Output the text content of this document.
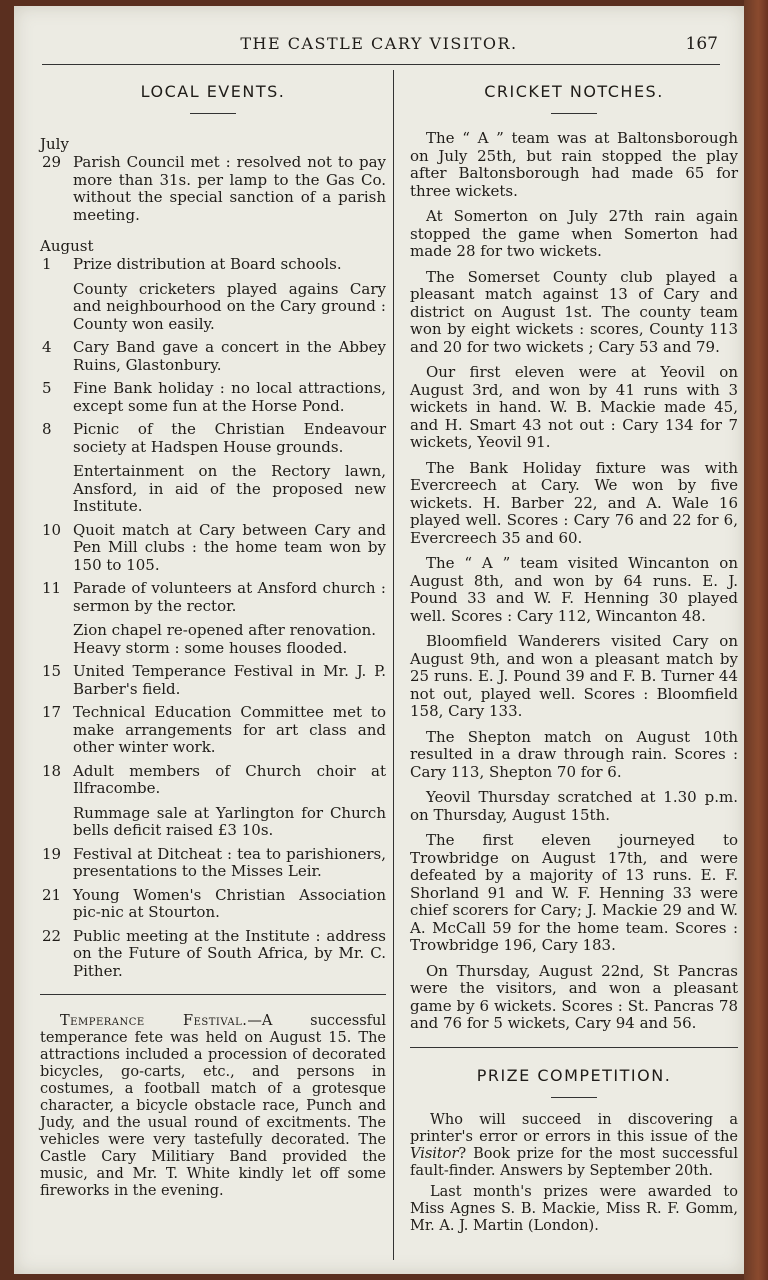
THE CASTLE CARY VISITOR.	167
LOCAL EVENTS.

July

29 Parish Council met : resolved not to pay more than 31s. per lamp to the Gas Co. without the special sanction of a parish meeting.

August

1	Prize distribution at Board schools.
County cricketers played agains Cary and neighbourhood on the Cary ground : County won easily.
4	Cary Band gave a concert in the Abbey Ruins, Glastonbury.
5	Fine Bank holiday : no local attractions, except some fun at the Horse Pond.
8	Picnic of the Christian Endeavour society at Hadspen House grounds.
Entertainment on the Rectory lawn, Ansford, in aid of the proposed new Institute.
10 Quoit match at Cary between Cary and Pen Mill clubs : the home team won by 150 to 105.
11 Parade of volunteers at Ansford church : sermon by the rector.
Zion chapel re-opened after renovation.
Heavy storm : some houses flooded.
15 United Temperance Festival in Mr. J. P. Barber's field.
17 Technical Education Committee met to make arrangements for art class and other winter work.
18 Adult members of Church choir at Ilfracombe.
Rummage sale at Yarlington for Church bells deficit raised £3 10s.
19 Festival at Ditcheat : tea to parishioners, presentations to the Misses Leir.
21 Young Women's Christian Association pic-nic at Stourton.
22 Public meeting at the Institute : address on the Future of South Africa, by Mr. C. Pither.
Temperance Festival.—A successful temperance fete was held on August 15. The attractions included a procession of decorated bicycles, go-carts, etc., and persons in costumes, a football match of a grotesque character, a bicycle obstacle race, Punch and Judy, and the usual round of excitments. The vehicles were very tastefully decorated. The Castle Cary Militiary Band provided the music, and Mr. T. White kindly let off some fireworks in the evening.
CRICKET NOTCHES.

The “ A ” team was at Baltonsborough on July 25th, but rain stopped the play after Baltonsborough had made 65 for three wickets.

At Somerton on July 27th rain again stopped the game when Somerton had made 28 for two wickets.

The Somerset County club played a pleasant match against 13 of Cary and district on August 1st. The county team won by eight wickets : scores, County 113 and 20 for two wickets ; Cary 53 and 79.

Our first eleven were at Yeovil on August 3rd, and won by 41 runs with 3 wickets in hand. W. B. Mackie made 45, and H. Smart 43 not out : Cary 134 for 7 wickets, Yeovil 91.

The Bank Holiday fixture was with Evercreech at Cary. We won by five wickets. H. Barber 22, and A. Wale 16 played well. Scores : Cary 76 and 22 for 6, Evercreech 35 and 60.

The “ A ” team visited Wincanton on August 8th, and won by 64 runs. E. J. Pound 33 and W. F. Henning 30 played well. Scores : Cary 112, Wincanton 48.

Bloomfield Wanderers visited Cary on August 9th, and won a pleasant match by 25 runs. E. J. Pound 39 and F. B. Turner 44 not out, played well. Scores : Bloomfield 158, Cary 133.

The Shepton match on August 10th resulted in a draw through rain. Scores : Cary 113, Shepton 70 for 6.

Yeovil Thursday scratched at 1.30 p.m. on Thursday, August 15th.

The first eleven journeyed to Trowbridge on August 17th, and were defeated by a majority of 13 runs. E. F. Shorland 91 and W. F. Henning 33 were chief scorers for Cary; J. Mackie 29 and W. A. McCall 59 for the home team. Scores : Trowbridge 196, Cary 183.

On Thursday, August 22nd, St Pancras were the visitors, and won a pleasant game by 6 wickets. Scores : St. Pancras 78 and 76 for 5 wickets, Cary 94 and 56.

PRIZE COMPETITION.

Who will succeed in discovering a printer's error or errors in this issue of the Visitor? Book prize for the most successful fault-finder. Answers by September 20th.

Last month's prizes were awarded to Miss Agnes S. B. Mackie, Miss R. F. Gomm, Mr. A. J. Martin (London).
